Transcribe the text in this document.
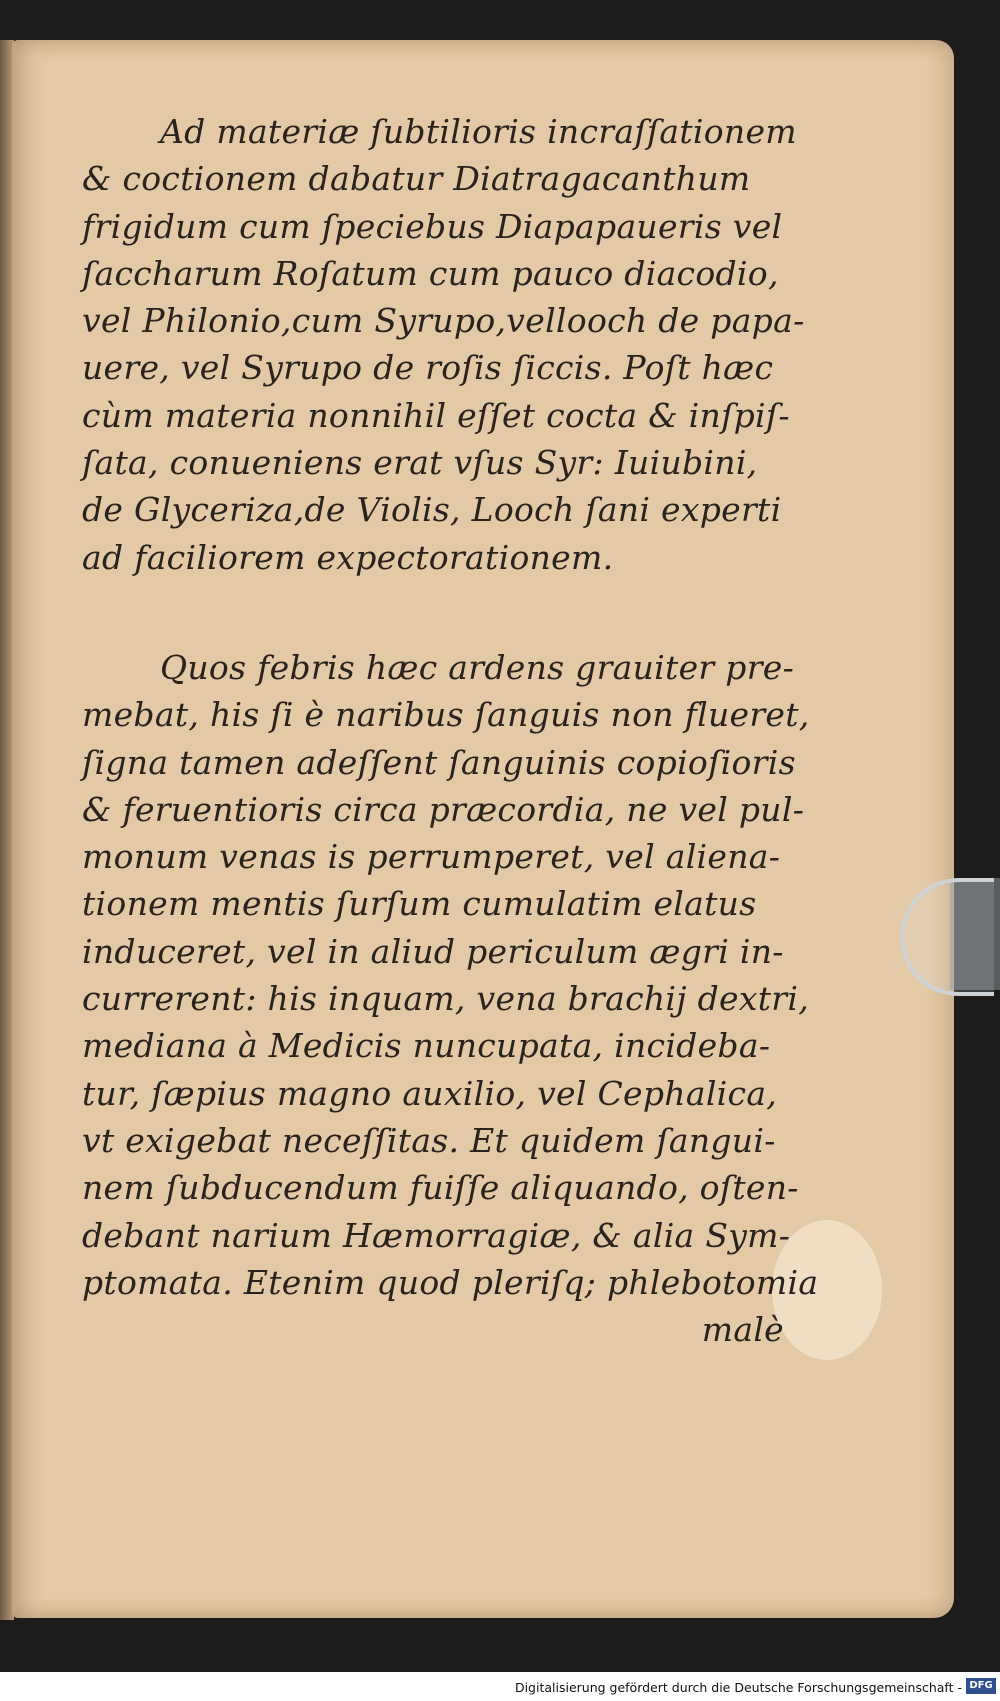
Ad materiæ ſubtilioris incraſſationem
& coctionem dabatur Diatragacanthum
frigidum cum ſpeciebus Diapapaueris vel
ſaccharum Roſatum cum pauco diacodio,
vel Philonio,cum Syrupo,vellooch de papa-
uere, vel Syrupo de roſis ſiccis. Poſt hæc
cùm materia nonnihil eſſet cocta & inſpiſ-
ſata, conueniens erat vſus Syr: Iuiubini,
de Glyceriza,de Violis, Looch ſani experti
ad faciliorem expectorationem.
Quos febris hæc ardens grauiter pre-
mebat, his ſi è naribus ſanguis non flueret,
ſigna tamen adeſſent ſanguinis copioſioris
& feruentioris circa præcordia, ne vel pul-
monum venas is perrumperet, vel aliena-
tionem mentis ſurſum cumulatim elatus
induceret, vel in aliud periculum ægri in-
currerent: his inquam, vena brachij dextri,
mediana à Medicis nuncupata, incideba-
tur, ſæpius magno auxilio, vel Cephalica,
vt exigebat neceſſitas. Et quidem ſangui-
nem ſubducendum fuiſſe aliquando, oſten-
debant narium Hæmorragiæ, & alia Sym-
ptomata. Etenim quod pleriſq; phlebotomia
malè
Digitalisierung gefördert durch die Deutsche Forschungsgemeinschaft - DFG
